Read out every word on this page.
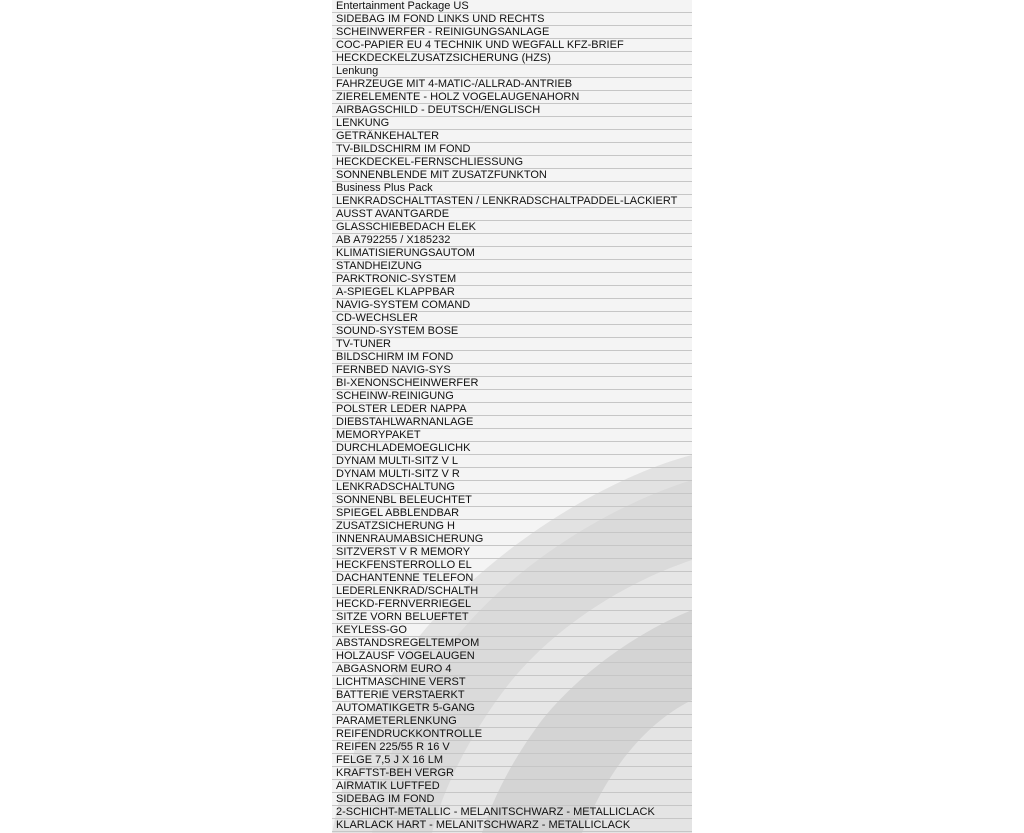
Entertainment Package US
SIDEBAG IM FOND LINKS UND RECHTS
SCHEINWERFER - REINIGUNGSANLAGE
COC-PAPIER EU 4 TECHNIK UND WEGFALL KFZ-BRIEF
HECKDECKELZUSATZSICHERUNG (HZS)
Lenkung
FAHRZEUGE MIT 4-MATIC-/ALLRAD-ANTRIEB
ZIERELEMENTE - HOLZ VOGELAUGENAHORN
AIRBAGSCHILD - DEUTSCH/ENGLISCH
LENKUNG
GETRÄNKEHALTER
TV-BILDSCHIRM IM FOND
HECKDECKEL-FERNSCHLIESSUNG
SONNENBLENDE MIT ZUSATZFUNKTON
Business Plus Pack
LENKRADSCHALTTASTEN / LENKRADSCHALTPADDEL-LACKIERT
AUSST AVANTGARDE
GLASSCHIEBEDACH ELEK
AB A792255 / X185232
KLIMATISIERUNGSAUTOM
STANDHEIZUNG
PARKTRONIC-SYSTEM
A-SPIEGEL KLAPPBAR
NAVIG-SYSTEM COMAND
CD-WECHSLER
SOUND-SYSTEM BOSE
TV-TUNER
BILDSCHIRM IM FOND
FERNBED NAVIG-SYS
BI-XENONSCHEINWERFER
SCHEINW-REINIGUNG
POLSTER LEDER NAPPA
DIEBSTAHLWARNANLAGE
MEMORYPAKET
DURCHLADEMOEGLICHK
DYNAM MULTI-SITZ V L
DYNAM MULTI-SITZ V R
LENKRADSCHALTUNG
SONNENBL BELEUCHTET
SPIEGEL ABBLENDBAR
ZUSATZSICHERUNG H
INNENRAUMABSICHERUNG
SITZVERST V R MEMORY
HECKFENSTERROLLO EL
DACHANTENNE TELEFON
LEDERLENKRAD/SCHALTH
HECKD-FERNVERRIEGEL
SITZE VORN BELUEFTET
KEYLESS-GO
ABSTANDSREGELTEMPOM
HOLZAUSF VOGELAUGEN
ABGASNORM EURO 4
LICHTMASCHINE VERST
BATTERIE VERSTAERKT
AUTOMATIKGETR 5-GANG
PARAMETERLENKUNG
REIFENDRUCKKONTROLLE
REIFEN 225/55 R 16 V
FELGE 7,5 J X 16 LM
KRAFTST-BEH VERGR
AIRMATIK LUFTFED
SIDEBAG IM FOND
2-SCHICHT-METALLIC - MELANITSCHWARZ - METALLICLACK
KLARLACK HART - MELANITSCHWARZ - METALLICLACK
